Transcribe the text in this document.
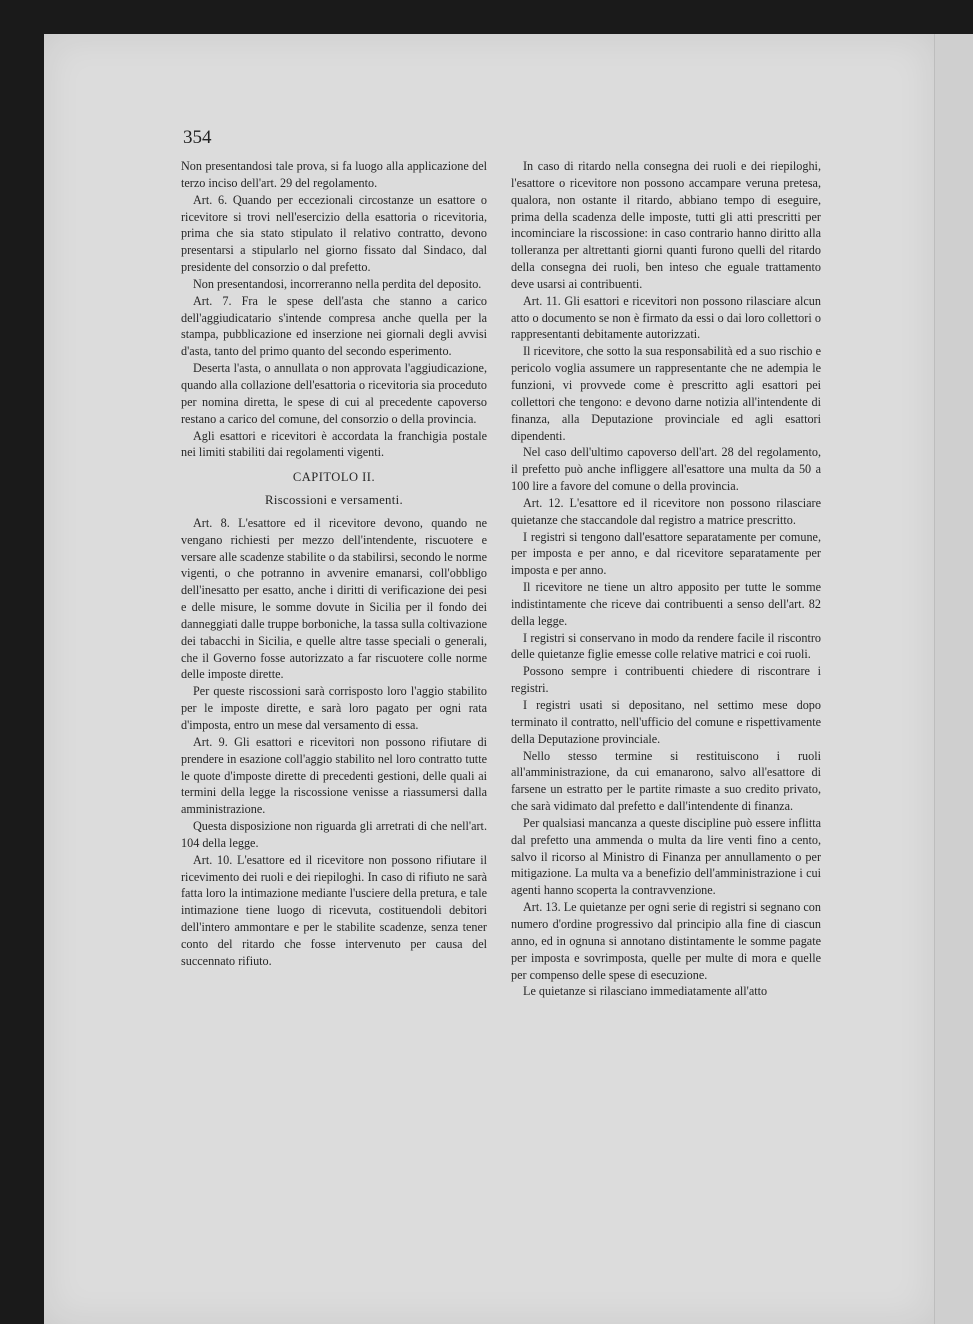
354

Non presentandosi tale prova, si fa luogo alla applicazione del terzo inciso dell'art. 29 del regolamento.

Art. 6. Quando per eccezionali circostanze un esattore o ricevitore si trovi nell'esercizio della esattoria o ricevitoria, prima che sia stato stipulato il relativo contratto, devono presentarsi a stipularlo nel giorno fissato dal Sindaco, dal presidente del consorzio o dal prefetto.

Non presentandosi, incorreranno nella perdita del deposito.

Art. 7. Fra le spese dell'asta che stanno a carico dell'aggiudicatario s'intende compresa anche quella per la stampa, pubblicazione ed inserzione nei giornali degli avvisi d'asta, tanto del primo quanto del secondo esperimento.

Deserta l'asta, o annullata o non approvata l'aggiudicazione, quando alla collazione dell'esattoria o ricevitoria sia proceduto per nomina diretta, le spese di cui al precedente capoverso restano a carico del comune, del consorzio o della provincia.

Agli esattori e ricevitori è accordata la franchigia postale nei limiti stabiliti dai regolamenti vigenti.

CAPITOLO II.

Riscossioni e versamenti.

Art. 8. L'esattore ed il ricevitore devono, quando ne vengano richiesti per mezzo dell'intendente, riscuotere e versare alle scadenze stabilite o da stabilirsi, secondo le norme vigenti, o che potranno in avvenire emanarsi, coll'obbligo dell'inesatto per esatto, anche i diritti di verificazione dei pesi e delle misure, le somme dovute in Sicilia per il fondo dei danneggiati dalle truppe borboniche, la tassa sulla coltivazione dei tabacchi in Sicilia, e quelle altre tasse speciali o generali, che il Governo fosse autorizzato a far riscuotere colle norme delle imposte dirette.

Per queste riscossioni sarà corrisposto loro l'aggio stabilito per le imposte dirette, e sarà loro pagato per ogni rata d'imposta, entro un mese dal versamento di essa.

Art. 9. Gli esattori e ricevitori non possono rifiutare di prendere in esazione coll'aggio stabilito nel loro contratto tutte le quote d'imposte dirette di precedenti gestioni, delle quali ai termini della legge la riscossione venisse a riassumersi dalla amministrazione.

Questa disposizione non riguarda gli arretrati di che nell'art. 104 della legge.

Art. 10. L'esattore ed il ricevitore non possono rifiutare il ricevimento dei ruoli e dei riepiloghi. In caso di rifiuto ne sarà fatta loro la intimazione mediante l'usciere della pretura, e tale intimazione tiene luogo di ricevuta, costituendoli debitori dell'intero ammontare e per le stabilite scadenze, senza tener conto del ritardo che fosse intervenuto per causa del succennato rifiuto.

In caso di ritardo nella consegna dei ruoli e dei riepiloghi, l'esattore o ricevitore non possono accampare veruna pretesa, qualora, non ostante il ritardo, abbiano tempo di eseguire, prima della scadenza delle imposte, tutti gli atti prescritti per incominciare la riscossione: in caso contrario hanno diritto alla tolleranza per altrettanti giorni quanti furono quelli del ritardo della consegna dei ruoli, ben inteso che eguale trattamento deve usarsi ai contribuenti.

Art. 11. Gli esattori e ricevitori non possono rilasciare alcun atto o documento se non è firmato da essi o dai loro collettori o rappresentanti debitamente autorizzati.

Il ricevitore, che sotto la sua responsabilità ed a suo rischio e pericolo voglia assumere un rappresentante che ne adempia le funzioni, vi provvede come è prescritto agli esattori pei collettori che tengono: e devono darne notizia all'intendente di finanza, alla Deputazione provinciale ed agli esattori dipendenti.

Nel caso dell'ultimo capoverso dell'art. 28 del regolamento, il prefetto può anche infliggere all'esattore una multa da 50 a 100 lire a favore del comune o della provincia.

Art. 12. L'esattore ed il ricevitore non possono rilasciare quietanze che staccandole dal registro a matrice prescritto.

I registri si tengono dall'esattore separatamente per comune, per imposta e per anno, e dal ricevitore separatamente per imposta e per anno.

Il ricevitore ne tiene un altro apposito per tutte le somme indistintamente che riceve dai contribuenti a senso dell'art. 82 della legge.

I registri si conservano in modo da rendere facile il riscontro delle quietanze figlie emesse colle relative matrici e coi ruoli.

Possono sempre i contribuenti chiedere di riscontrare i registri.

I registri usati si depositano, nel settimo mese dopo terminato il contratto, nell'ufficio del comune e rispettivamente della Deputazione provinciale.

Nello stesso termine si restituiscono i ruoli all'amministrazione, da cui emanarono, salvo all'esattore di farsene un estratto per le partite rimaste a suo credito privato, che sarà vidimato dal prefetto e dall'intendente di finanza.

Per qualsiasi mancanza a queste discipline può essere inflitta dal prefetto una ammenda o multa da lire venti fino a cento, salvo il ricorso al Ministro di Finanza per annullamento o per mitigazione. La multa va a benefizio dell'amministrazione i cui agenti hanno scoperta la contravvenzione.

Art. 13. Le quietanze per ogni serie di registri si segnano con numero d'ordine progressivo dal principio alla fine di ciascun anno, ed in ognuna si annotano distintamente le somme pagate per imposta e sovrimposta, quelle per multe di mora e quelle per compenso delle spese di esecuzione.

Le quietanze si rilasciano immediatamente all'atto
